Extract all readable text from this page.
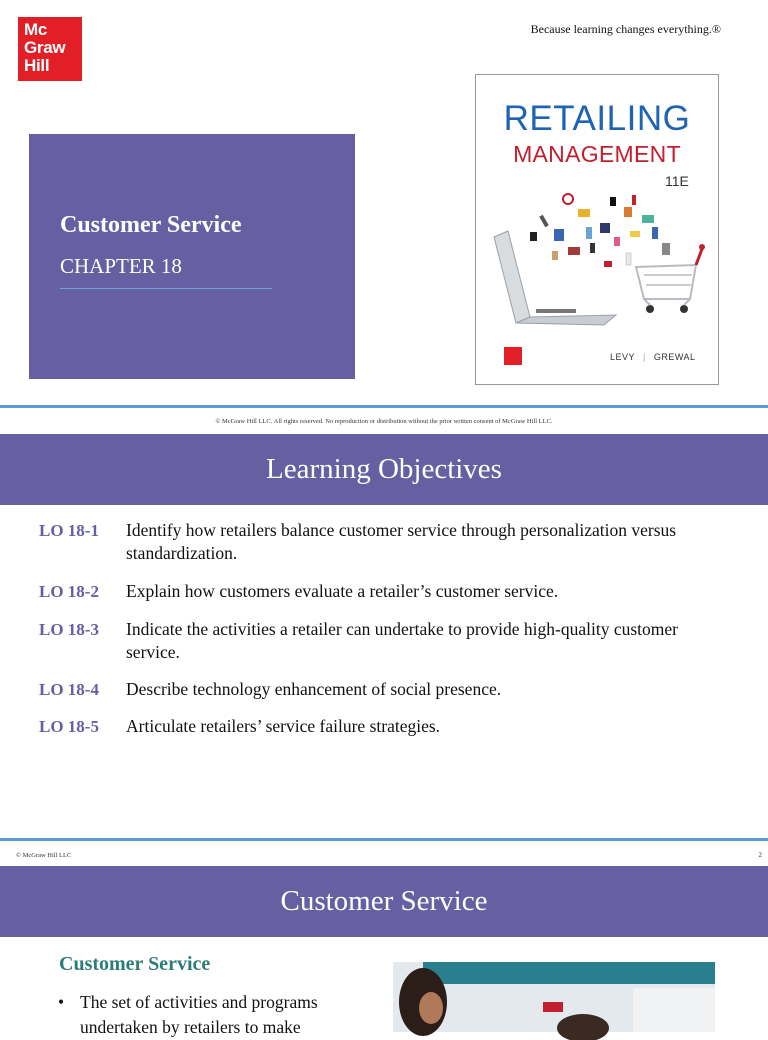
Mc
Graw
Hill
Because learning changes everything.®
Customer Service
CHAPTER 18
RETAILING
MANAGEMENT
11E
LEVY | GREWAL
© McGraw Hill LLC. All rights reserved. No reproduction or distribution without the prior written consent of McGraw Hill LLC.
Learning Objectives
LO 18-1 Identify how retailers balance customer service through personalization versus standardization.
LO 18-2 Explain how customers evaluate a retailer’s customer service.
LO 18-3 Indicate the activities a retailer can undertake to provide high-quality customer service.
LO 18-4 Describe technology enhancement of social presence.
LO 18-5 Articulate retailers’ service failure strategies.
© McGraw Hill LLC	2
Customer Service
Customer Service
• The set of activities and programs undertaken by retailers to make
